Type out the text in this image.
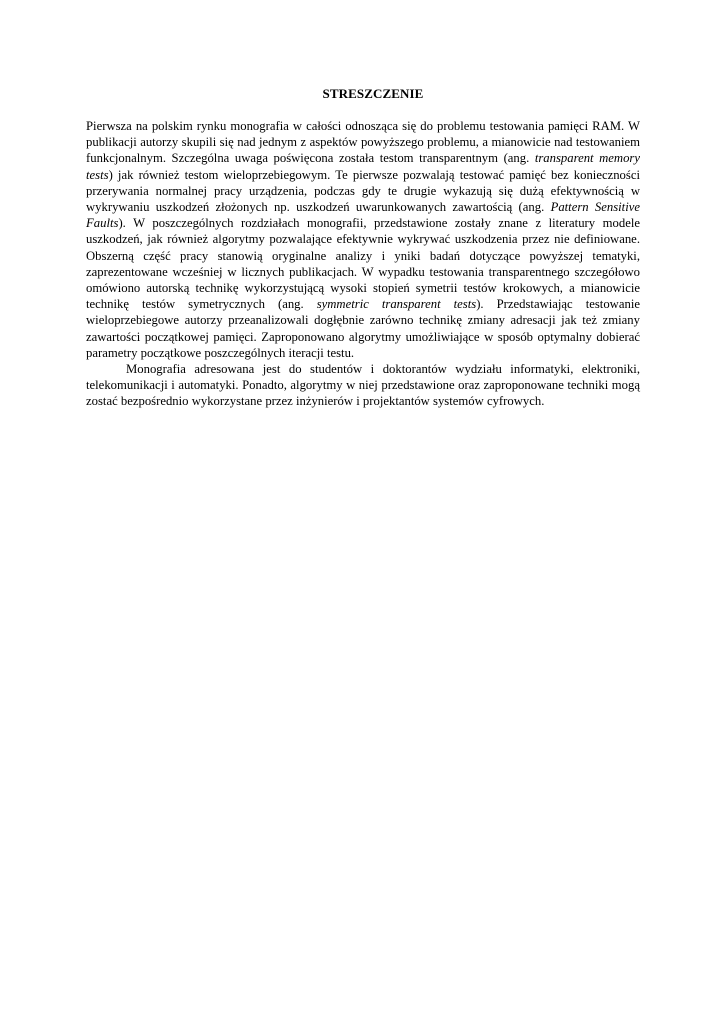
STRESZCZENIE

Pierwsza na polskim rynku monografia w całości odnosząca się do problemu testowania pamięci RAM. W publikacji autorzy skupili się nad jednym z aspektów powyższego problemu, a mianowicie nad testowaniem funkcjonalnym. Szczególna uwaga poświęcona została testom transparentnym (ang. transparent memory tests) jak również testom wieloprzebiegowym. Te pierwsze pozwalają testować pamięć bez konieczności przerywania normalnej pracy urządzenia, podczas gdy te drugie wykazują się dużą efektywnością w wykrywaniu uszkodzeń złożonych np. uszkodzeń uwarunkowanych zawartością (ang. Pattern Sensitive Faults). W poszczególnych rozdziałach monografii, przedstawione zostały znane z literatury modele uszkodzeń, jak również algorytmy pozwalające efektywnie wykrywać uszkodzenia przez nie definiowane. Obszerną część pracy stanowią oryginalne analizy i yniki badań dotyczące powyższej tematyki, zaprezentowane wcześniej w licznych publikacjach. W wypadku testowania transparentnego szczegółowo omówiono autorską technikę wykorzystującą wysoki stopień symetrii testów krokowych, a mianowicie technikę testów symetrycznych (ang. symmetric transparent tests). Przedstawiając testowanie wieloprzebiegowe autorzy przeanalizowali dogłębnie zarówno technikę zmiany adresacji jak też zmiany zawartości początkowej pamięci. Zaproponowano algorytmy umożliwiające w sposób optymalny dobierać parametry początkowe poszczególnych iteracji testu.

Monografia adresowana jest do studentów i doktorantów wydziału informatyki, elektroniki, telekomunikacji i automatyki. Ponadto, algorytmy w niej przedstawione oraz zaproponowane techniki mogą zostać bezpośrednio wykorzystane przez inżynierów i projektantów systemów cyfrowych.
